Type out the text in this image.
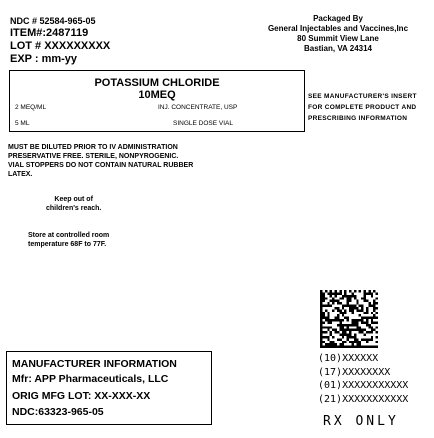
NDC # 52584-965-05
ITEM#:2487119
LOT # XXXXXXXXX
EXP : mm-yy
Packaged By
General Injectables and Vaccines,Inc
80 Summit View Lane
Bastian, VA 24314
POTASSIUM CHLORIDE
10MEQ
2 MEQ/ML	INJ. CONCENTRATE, USP
5 ML	SINGLE DOSE VIAL
SEE MANUFACTURER'S INSERT
FOR COMPLETE PRODUCT AND
PRESCRIBING INFORMATION
MUST BE DILUTED PRIOR TO IV ADMINISTRATION
PRESERVATIVE FREE. STERILE, NONPYROGENIC.
VIAL STOPPERS DO NOT CONTAIN NATURAL RUBBER
LATEX.
Keep out of
children's reach.
Store at controlled room
temperature 68F to 77F.
MANUFACTURER INFORMATION
Mfr: APP Pharmaceuticals, LLC
ORIG MFG LOT: XX-XXX-XX
NDC:63323-965-05
(10)XXXXXX
(17)XXXXXXXX
(01)XXXXXXXXXXX
(21)XXXXXXXXXXX
RX ONLY
